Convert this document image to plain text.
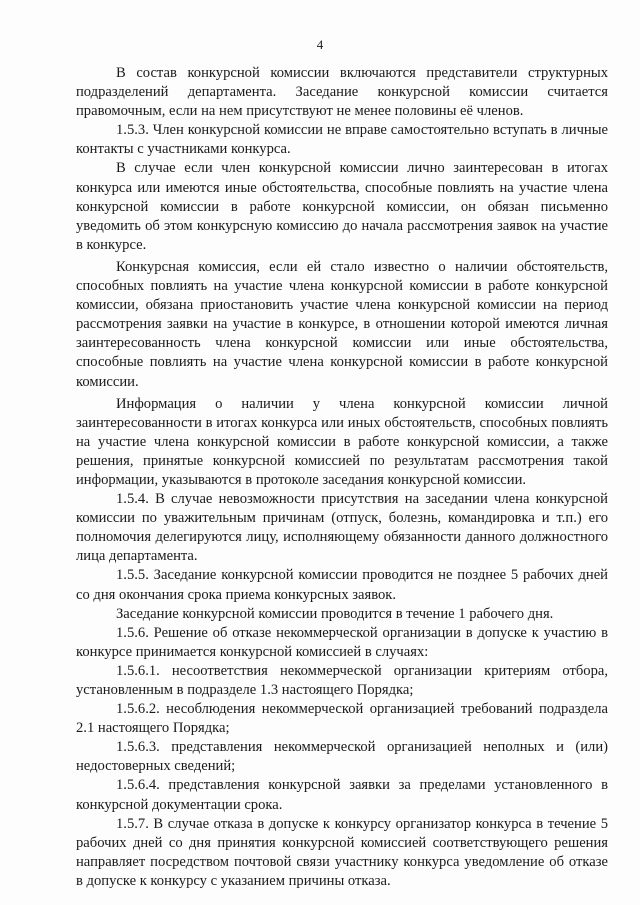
4

В состав конкурсной комиссии включаются представители структурных подразделений департамента. Заседание конкурсной комиссии считается правомочным, если на нем присутствуют не менее половины её членов.

1.5.3. Член конкурсной комиссии не вправе самостоятельно вступать в личные контакты с участниками конкурса.

В случае если член конкурсной комиссии лично заинтересован в итогах конкурса или имеются иные обстоятельства, способные повлиять на участие члена конкурсной комиссии в работе конкурсной комиссии, он обязан письменно уведомить об этом конкурсную комиссию до начала рассмотрения заявок на участие в конкурсе.

Конкурсная комиссия, если ей стало известно о наличии обстоятельств, способных повлиять на участие члена конкурсной комиссии в работе конкурсной комиссии, обязана приостановить участие члена конкурсной комиссии на период рассмотрения заявки на участие в конкурсе, в отношении которой имеются личная заинтересованность члена конкурсной комиссии или иные обстоятельства, способные повлиять на участие члена конкурсной комиссии в работе конкурсной комиссии.

Информация о наличии у члена конкурсной комиссии личной заинтересованности в итогах конкурса или иных обстоятельств, способных повлиять на участие члена конкурсной комиссии в работе конкурсной комиссии, а также решения, принятые конкурсной комиссией по результатам рассмотрения такой информации, указываются в протоколе заседания конкурсной комиссии.

1.5.4. В случае невозможности присутствия на заседании члена конкурсной комиссии по уважительным причинам (отпуск, болезнь, командировка и т.п.) его полномочия делегируются лицу, исполняющему обязанности данного должностного лица департамента.

1.5.5. Заседание конкурсной комиссии проводится не позднее 5 рабочих дней со дня окончания срока приема конкурсных заявок.

Заседание конкурсной комиссии проводится в течение 1 рабочего дня.

1.5.6. Решение об отказе некоммерческой организации в допуске к участию в конкурсе принимается конкурсной комиссией в случаях:

1.5.6.1. несоответствия некоммерческой организации критериям отбора, установленным в подразделе 1.3 настоящего Порядка;

1.5.6.2. несоблюдения некоммерческой организацией требований подраздела 2.1 настоящего Порядка;

1.5.6.3. представления некоммерческой организацией неполных и (или) недостоверных сведений;

1.5.6.4. представления конкурсной заявки за пределами установленного в конкурсной документации срока.

1.5.7. В случае отказа в допуске к конкурсу организатор конкурса в течение 5 рабочих дней со дня принятия конкурсной комиссией соответствующего решения направляет посредством почтовой связи участнику конкурса уведомление об отказе в допуске к конкурсу с указанием причины отказа.
